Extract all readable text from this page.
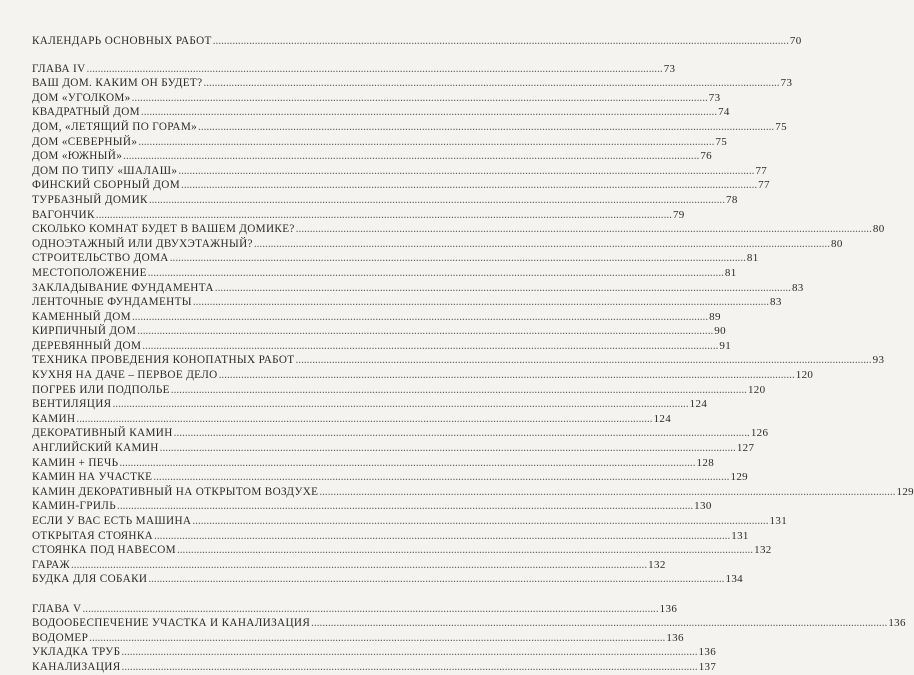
КАЛЕНДАРЬ ОСНОВНЫХ РАБОТ .....	70
ГЛАВА IV .....	73
ВАШ ДОМ. КАКИМ ОН БУДЕТ? .....	73
ДОМ «УГОЛКОМ» .....	73
КВАДРАТНЫЙ ДОМ .....	74
ДОМ, «ЛЕТЯЩИЙ ПО ГОРАМ» .....	75
ДОМ «СЕВЕРНЫЙ» .....	75
ДОМ «ЮЖНЫЙ» .....	76
ДОМ ПО ТИПУ «ШАЛАШ» .....	77
ФИНСКИЙ СБОРНЫЙ ДОМ .....	77
ТУРБАЗНЫЙ ДОМИК .....	78
ВАГОНЧИК .....	79
СКОЛЬКО КОМНАТ БУДЕТ В ВАШЕМ ДОМИКЕ? .....	80
ОДНОЭТАЖНЫЙ ИЛИ ДВУХЭТАЖНЫЙ? .....	80
СТРОИТЕЛЬСТВО ДОМА .....	81
МЕСТОПОЛОЖЕНИЕ .....	81
ЗАКЛАДЫВАНИЕ ФУНДАМЕНТА .....	83
ЛЕНТОЧНЫЕ ФУНДАМЕНТЫ .....	83
КАМЕННЫЙ ДОМ .....	89
КИРПИЧНЫЙ ДОМ .....	90
ДЕРЕВЯННЫЙ ДОМ .....	91
ТЕХНИКА ПРОВЕДЕНИЯ КОНОПАТНЫХ РАБОТ .....	93
КУХНЯ НА ДАЧЕ – ПЕРВОЕ ДЕЛО .....	120
ПОГРЕБ ИЛИ ПОДПОЛЬЕ .....	120
ВЕНТИЛЯЦИЯ .....	124
КАМИН .....	124
ДЕКОРАТИВНЫЙ КАМИН .....	126
АНГЛИЙСКИЙ КАМИН .....	127
КАМИН + ПЕЧЬ .....	128
КАМИН НА УЧАСТКЕ .....	129
КАМИН ДЕКОРАТИВНЫЙ НА ОТКРЫТОМ ВОЗДУХЕ .....	129
КАМИН-ГРИЛЬ .....	130
ЕСЛИ У ВАС ЕСТЬ МАШИНА .....	131
ОТКРЫТАЯ СТОЯНКА .....	131
СТОЯНКА ПОД НАВЕСОМ .....	132
ГАРАЖ .....	132
БУДКА ДЛЯ СОБАКИ .....	134
ГЛАВА V .....	136
ВОДООБЕСПЕЧЕНИЕ УЧАСТКА И КАНАЛИЗАЦИЯ .....	136
ВОДОМЕР .....	136
УКЛАДКА ТРУБ .....	136
КАНАЛИЗАЦИЯ .....	137
